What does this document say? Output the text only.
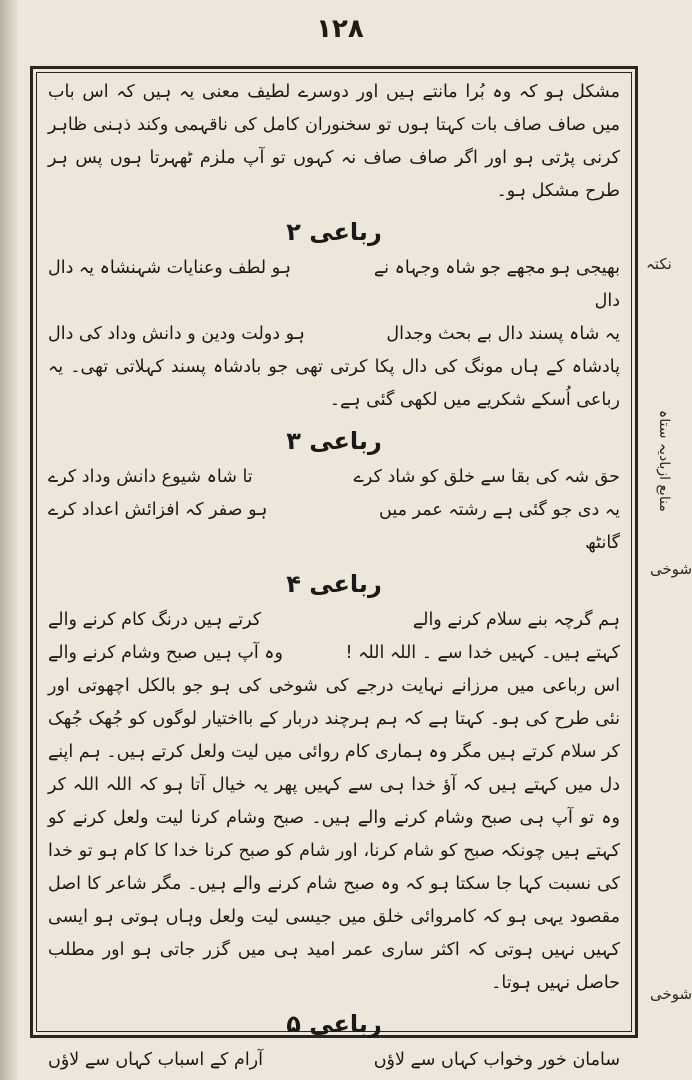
۱۲۸
نکتہ
منابع ازبادیہ ستاہ
شوخی
شوخی

مشکل ہو کہ وہ بُرا مانتے ہیں اور دوسرے لطیف معنی یہ ہیں کہ اس باب میں صاف صاف بات کہتا ہوں تو سخنوران کامل کی ناقہمی وکند ذہنی ظاہر کرنی پڑتی ہو اور اگر صاف صاف نہ کہوں تو آپ ملزم ٹھہرتا ہوں پس ہر طرح مشکل ہو۔

رباعی ۲
بھیجی ہو مجھے جو شاہ وجہاہ نے دال
ہو لطف وعنایات شہنشاہ یہ دال
یہ شاہ پسند دال بے بحث وجدال
ہو دولت ودین و دانش وداد کی دال

پادشاہ کے ہاں مونگ کی دال پکا کرتی تھی جو بادشاہ پسند کہلاتی تھی۔ یہ رباعی اُسکے شکریے میں لکھی گئی ہے۔

رباعی ۳
حق شہ کی بقا سے خلق کو شاد کرے
تا شاہ شیوع دانش وداد کرے
یہ دی جو گئی ہے رشتہ عمر میں گانٹھ
ہو صفر کہ افزائش اعداد کرے
رباعی ۴
ہم گرچہ بنے سلام کرنے والے
کرتے ہیں درنگ کام کرنے والے
کہتے ہیں۔ کہیں خدا سے ۔ اللہ اللہ !
وہ آپ ہیں صبح وشام کرنے والے

اس رباعی میں مرزانے نہایت درجے کی شوخی کی ہو جو بالکل اچھوتی اور نئی طرح کی ہو۔ کہتا ہے کہ ہم ہرچند دربار کے بااختیار لوگوں کو جُھک جُھک کر سلام کرتے ہیں مگر وہ ہماری کام روائی میں لیت ولعل کرتے ہیں۔ ہم اپنے دل میں کہتے ہیں کہ آؤ خدا ہی سے کہیں پھر یہ خیال آتا ہو کہ اللہ اللہ کر وہ تو آپ ہی صبح وشام کرنے والے ہیں۔ صبح وشام کرنا لیت ولعل کرنے کو کہتے ہیں چونکہ صبح کو شام کرنا، اور شام کو صبح کرنا خدا کا کام ہو تو خدا کی نسبت کہا جا سکتا ہو کہ وہ صبح شام کرنے والے ہیں۔ مگر شاعر کا اصل مقصود یہی ہو کہ کامروائی خلق میں جیسی لیت ولعل وہاں ہوتی ہو ایسی کہیں نہیں ہوتی کہ اکثر ساری عمر امید ہی میں گزر جاتی ہو اور مطلب حاصل نہیں ہوتا۔

رباعی ۵
سامان خور وخواب کہاں سے لاؤں
آرام کے اسباب کہاں سے لاؤں
